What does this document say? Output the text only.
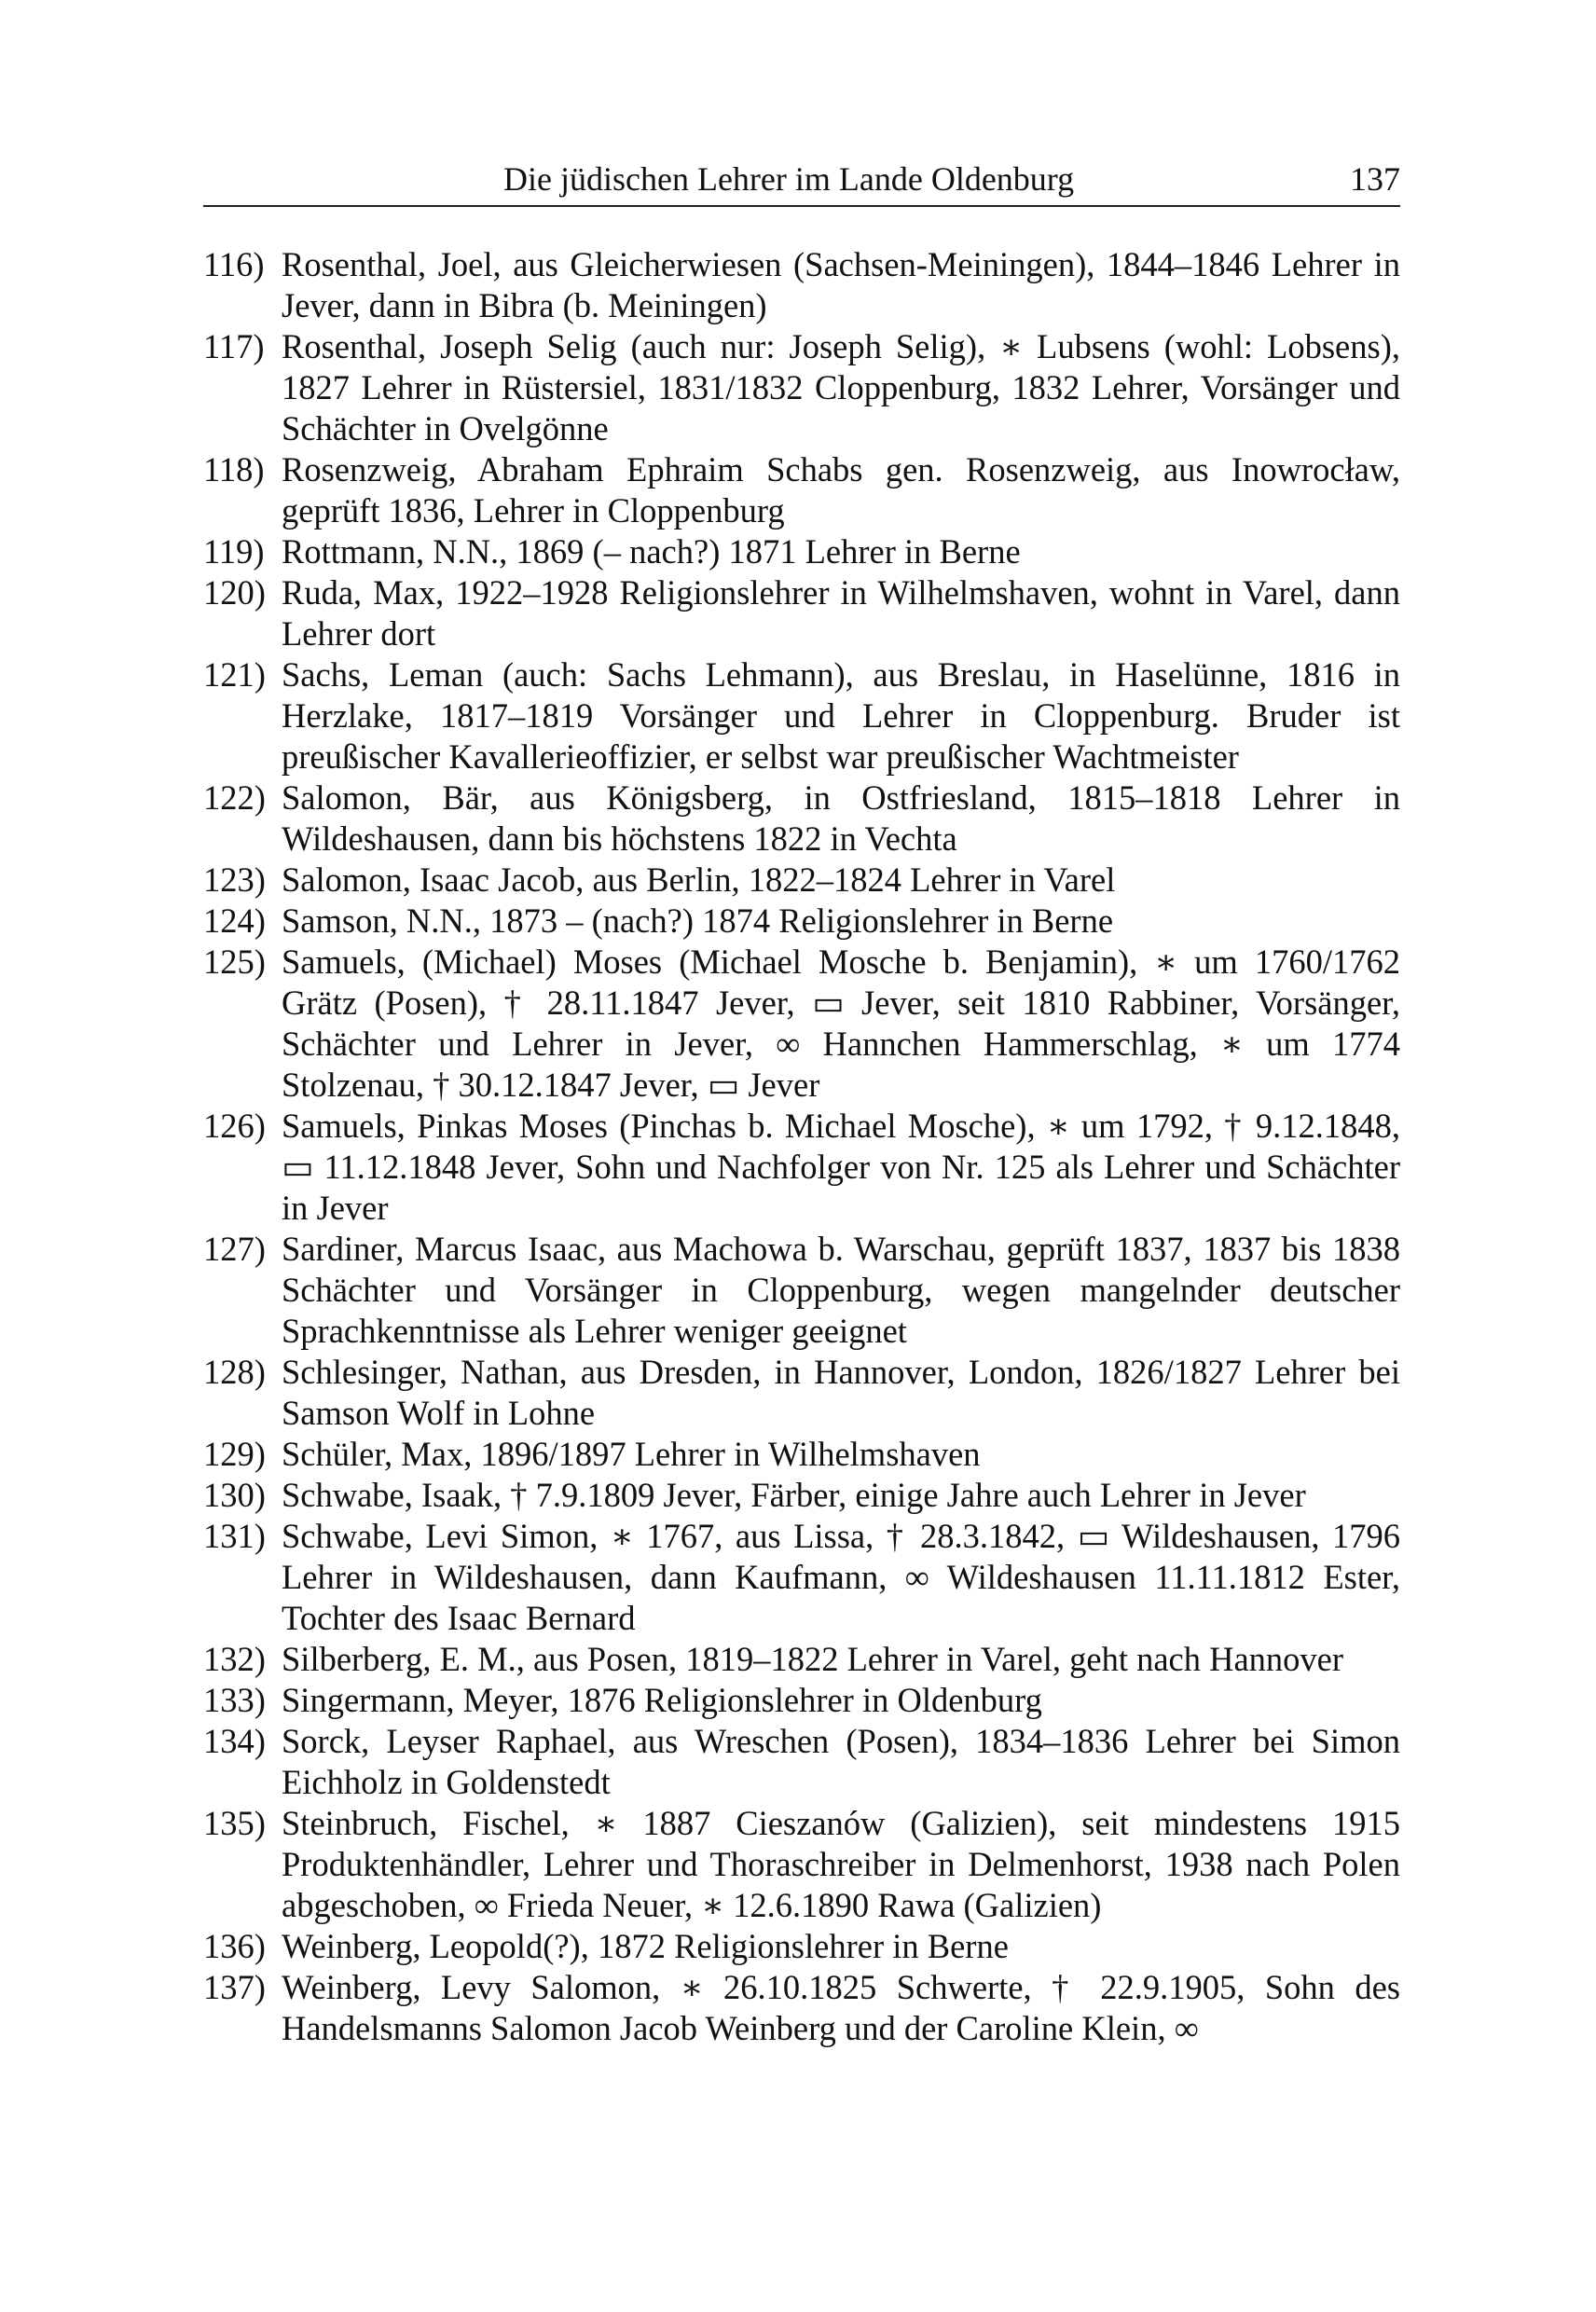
Die jüdischen Lehrer im Lande Oldenburg	137
116) Rosenthal, Joel, aus Gleicherwiesen (Sachsen-Meiningen), 1844–1846 Lehrer in Jever, dann in Bibra (b. Meiningen)
117) Rosenthal, Joseph Selig (auch nur: Joseph Selig), ∗ Lubsens (wohl: Lobsens), 1827 Lehrer in Rüstersiel, 1831/1832 Cloppenburg, 1832 Lehrer, Vorsänger und Schächter in Ovelgönne
118) Rosenzweig, Abraham Ephraim Schabs gen. Rosenzweig, aus Inowrocław, geprüft 1836, Lehrer in Cloppenburg
119) Rottmann, N.N., 1869 (– nach?) 1871 Lehrer in Berne
120) Ruda, Max, 1922–1928 Religionslehrer in Wilhelmshaven, wohnt in Varel, dann Lehrer dort
121) Sachs, Leman (auch: Sachs Lehmann), aus Breslau, in Haselünne, 1816 in Herzlake, 1817–1819 Vorsänger und Lehrer in Cloppenburg. Bruder ist preußischer Kavallerieoffizier, er selbst war preußischer Wachtmeister
122) Salomon, Bär, aus Königsberg, in Ostfriesland, 1815–1818 Lehrer in Wildeshausen, dann bis höchstens 1822 in Vechta
123) Salomon, Isaac Jacob, aus Berlin, 1822–1824 Lehrer in Varel
124) Samson, N.N., 1873 – (nach?) 1874 Religionslehrer in Berne
125) Samuels, (Michael) Moses (Michael Mosche b. Benjamin), ∗ um 1760/1762 Grätz (Posen), † 28.11.1847 Jever, ▭ Jever, seit 1810 Rabbiner, Vorsänger, Schächter und Lehrer in Jever, ∞ Hannchen Hammerschlag, ∗ um 1774 Stolzenau, † 30.12.1847 Jever, ▭ Jever
126) Samuels, Pinkas Moses (Pinchas b. Michael Mosche), ∗ um 1792, † 9.12.1848, ▭ 11.12.1848 Jever, Sohn und Nachfolger von Nr. 125 als Lehrer und Schächter in Jever
127) Sardiner, Marcus Isaac, aus Machowa b. Warschau, geprüft 1837, 1837 bis 1838 Schächter und Vorsänger in Cloppenburg, wegen mangelnder deutscher Sprachkenntnisse als Lehrer weniger geeignet
128) Schlesinger, Nathan, aus Dresden, in Hannover, London, 1826/1827 Lehrer bei Samson Wolf in Lohne
129) Schüler, Max, 1896/1897 Lehrer in Wilhelmshaven
130) Schwabe, Isaak, † 7.9.1809 Jever, Färber, einige Jahre auch Lehrer in Jever
131) Schwabe, Levi Simon, ∗ 1767, aus Lissa, † 28.3.1842, ▭ Wildeshausen, 1796 Lehrer in Wildeshausen, dann Kaufmann, ∞ Wildeshausen 11.11.1812 Ester, Tochter des Isaac Bernard
132) Silberberg, E. M., aus Posen, 1819–1822 Lehrer in Varel, geht nach Hannover
133) Singermann, Meyer, 1876 Religionslehrer in Oldenburg
134) Sorck, Leyser Raphael, aus Wreschen (Posen), 1834–1836 Lehrer bei Simon Eichholz in Goldenstedt
135) Steinbruch, Fischel, ∗ 1887 Cieszanów (Galizien), seit mindestens 1915 Produktenhändler, Lehrer und Thoraschreiber in Delmenhorst, 1938 nach Polen abgeschoben, ∞ Frieda Neuer, ∗ 12.6.1890 Rawa (Galizien)
136) Weinberg, Leopold(?), 1872 Religionslehrer in Berne
137) Weinberg, Levy Salomon, ∗ 26.10.1825 Schwerte, † 22.9.1905, Sohn des Handelsmanns Salomon Jacob Weinberg und der Caroline Klein, ∞
